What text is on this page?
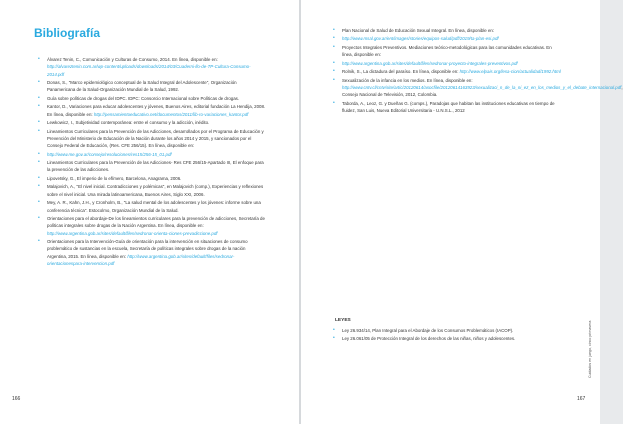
Bibliografía
• Álvarez Tenin, C., Comunicación y Culturas de Consumo, 2014. En línea, disponible en: http://alvareztenin.com.ar/wp-content/uploads/downloads/2014/03/Cuaderni-llo-de-TP-Cultura-Consumo-2014.pdf
• Donas, S., "Marco epidemiológico conceptual de la Salud Integral del Adolescente", Organización Panamericana de la Salud-Organización Mundial de la Salud, 1992.
• Guía sobre políticas de drogas del IDPC. IDPC: Consorcio Internacional sobre Políticas de drogas.
• Kantor, D., Variaciones para educar adolescentes y jóvenes, Buenos Aires, editorial fundación La Hendija, 2008. En línea, disponible en: http://pensamientoeducativo.net/documentos/2011/lib-ro-variaciones_kantor.pdf
• Lewkowicz, I., Subjetividad contemporánea: entre el consumo y la adicción, inédito.
• Lineamientos Curriculares para la Prevención de las Adicciones, desarrollados por el Programa de Educación y Prevención del Ministerio de Educación de la Nación durante los años 2014 y 2015, y sancionados por el Consejo Federal de Educación, (Res. CFE 256/15). En línea, disponible en:
• http://www.me.gov.ar/consejo/resoluciones/res15/256-15_01.pdf
• Lineamientos Curriculares para la Prevención de las Adicciones- Res CFE 256/15-Apartado III, El enfoque para la prevención de las adicciones.
• Lipovetsky, G., El imperio de lo efímero, Barcelona, Anagrama, 2006.
• Malajovich, A., "El nivel inicial. Contradicciones y polémicas", en Malajovich (comp.), Experiencias y reflexiones sobre el nivel inicial. Una mirada latinoamericana, Buenos Aires, Siglo XXI, 2006.
• Mey, A. R., Kahn, J.H., y Cronholm, B., "La salud mental de los adolescentes y los jóvenes: informe sobre una conferencia técnica". Estocolmo, Organización Mundial de la Salud.
• Orientaciones para el abordaje-De los lineamientos curriculares para la prevención de adicciones, Secretaría de políticas integrales sobre drogas de la Nación Argentina. En línea, disponible en: http://www.argentina.gob.ar/sites/default/files/sedronar-orienta-ciones-prevadiccione.pdf
• Orientaciones para la Intervención-Guía de orientación para la intervención en situaciones de consumo problemático de sustancias en la escuela, Secretaría de políticas integrales sobre drogas de la nación Argentina, 2015. En línea, disponible en: http://www.argentina.gob.ar/sites/default/files/sedronar-orientacionespara-intervencion.pdf
• Plan Nacional de Salud de Educación Sexual Integral. En línea, disponible en:
• http://www.msal.gov.ar/ent/images/stories/equipos-salud/pdf/2019/ta-plan-esi.pdf
• Proyectos Integrales Preventivos. Mediaciones teórico-metodológicas para las comunidades educativas. En línea, disponible en:
• http://www.argentina.gob.ar/sites/default/files/sedronar-proyecto-integrales-preventivos.pdf
• Rolnik, S., La dictadura del paraíso. En línea, disponible en: http://www.elpais.org/lesa-cion/actualidad/1992.html
• Sexualización de la infancia en los medios. En línea, disponible en: http://www.cntv.cl/cntv/site/artic/20120614/asocfile/20120614163923/sexualizaci_n_de_la_ni_ez_en_los_medios_y_el_debate_internacional.pdf, Consejo Nacional de Televisión, 2012, Colombia.
• Taborda, A., Leoz, G. y Dueñas G. (comps.), Paradojas que habitan las instituciones educativas en tiempo de fluidez, San Luis, Nueva Editorial Universitaria - U.N.S.L., 2012
LEYES
• Ley 26.934/14, Plan Integral para el Abordaje de los Consumos Problemáticos (IACOP).
• Ley 26.061/05 de Protección Integral de los derechos de las niñas, niños y adolescentes.
166	167
Cuidados en juego, cinco primavera
